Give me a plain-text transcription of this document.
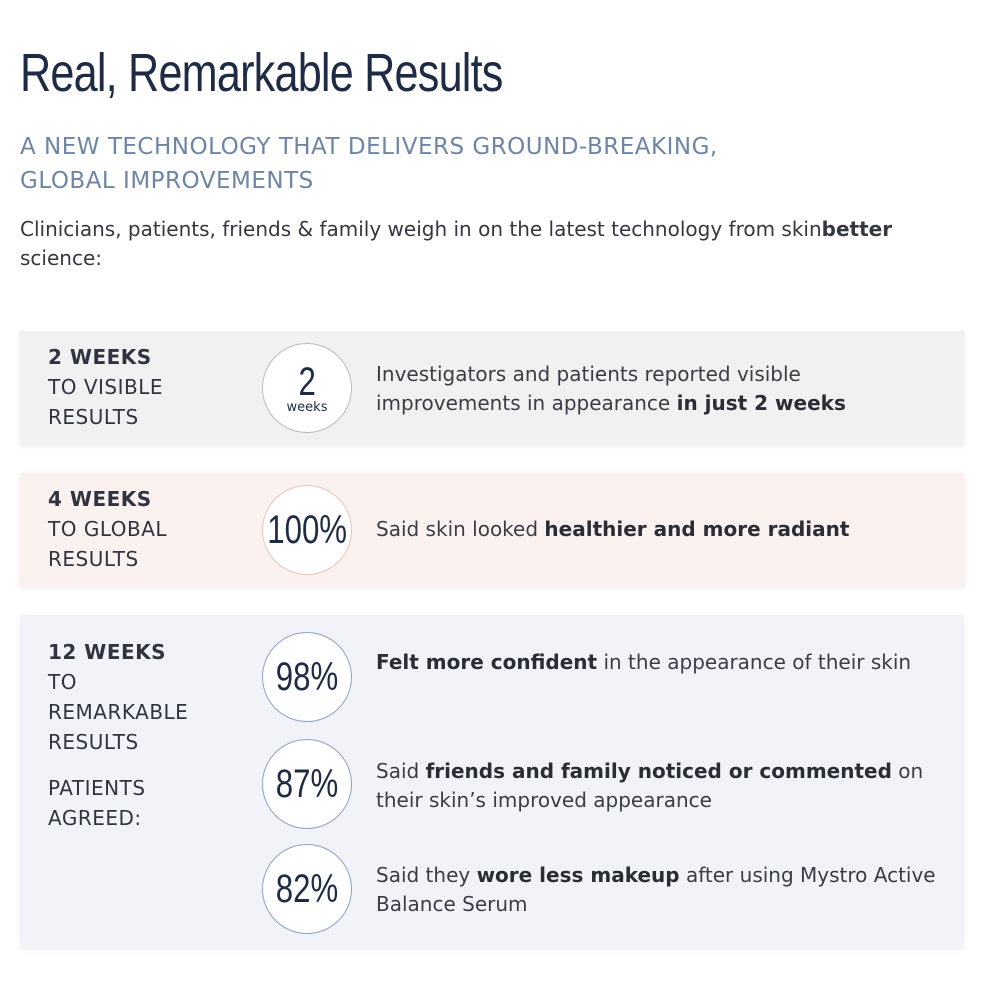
Real, Remarkable Results
A NEW TECHNOLOGY THAT DELIVERS GROUND-BREAKING,
GLOBAL IMPROVEMENTS
Clinicians, patients, friends & family weigh in on the latest technology from skinbetter science:
2 WEEKS
TO VISIBLE
RESULTS
2
weeks
Investigators and patients reported visible improvements in appearance in just 2 weeks
4 WEEKS
TO GLOBAL
RESULTS
100% Said skin looked healthier and more radiant
12 WEEKS
TO
REMARKABLE
RESULTS
PATIENTS
AGREED:
98% Felt more confident in the appearance of their skin
87% Said friends and family noticed or commented on their skin’s improved appearance
82% Said they wore less makeup after using Mystro Active Balance Serum
